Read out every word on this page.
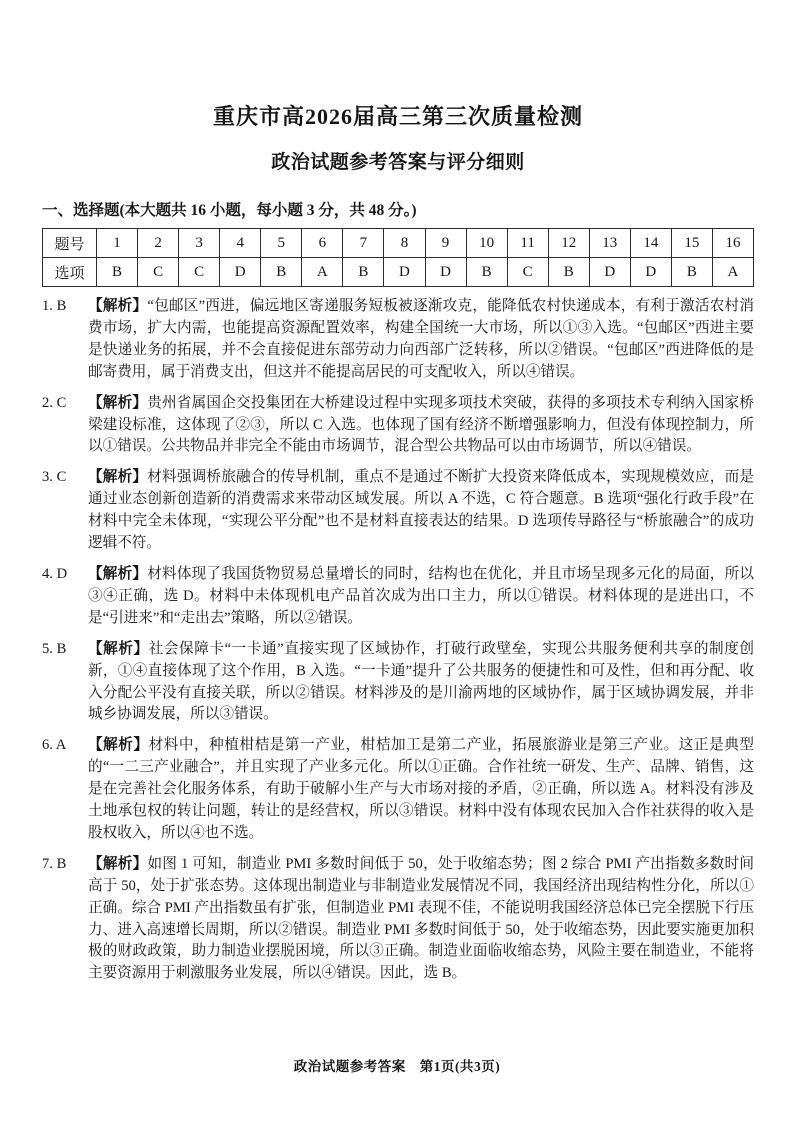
重庆市高2026届高三第三次质量检测
政治试题参考答案与评分细则
一、选择题(本大题共 16 小题，每小题 3 分，共 48 分。)
题号	1	2	3	4	5	6	7	8	9	10	11	12	13	14	15	16
选项	B	C	C	D	B	A	B	D	D	B	C	B	D	D	B	A
1. B	【解析】“包邮区”西进，偏远地区寄递服务短板被逐渐攻克，能降低农村快递成本，有利于激活农村消费市场，扩大内需，也能提高资源配置效率，构建全国统一大市场，所以①③入选。“包邮区”西进主要是快递业务的拓展，并不会直接促进东部劳动力向西部广泛转移，所以②错误。“包邮区”西进降低的是邮寄费用，属于消费支出，但这并不能提高居民的可支配收入，所以④错误。
2. C	【解析】贵州省属国企交投集团在大桥建设过程中实现多项技术突破，获得的多项技术专利纳入国家桥梁建设标准，这体现了②③，所以 C 入选。也体现了国有经济不断增强影响力，但没有体现控制力，所以①错误。公共物品并非完全不能由市场调节，混合型公共物品可以由市场调节，所以④错误。
3. C	【解析】材料强调桥旅融合的传导机制，重点不是通过不断扩大投资来降低成本，实现规模效应，而是通过业态创新创造新的消费需求来带动区域发展。所以 A 不选，C 符合题意。B 选项“强化行政手段”在材料中完全未体现，“实现公平分配”也不是材料直接表达的结果。D 选项传导路径与“桥旅融合”的成功逻辑不符。
4. D	【解析】材料体现了我国货物贸易总量增长的同时，结构也在优化，并且市场呈现多元化的局面，所以③④正确，选 D。材料中未体现机电产品首次成为出口主力，所以①错误。材料体现的是进出口，不是“引进来”和“走出去”策略，所以②错误。
5. B	【解析】社会保障卡“一卡通”直接实现了区域协作，打破行政壁垒，实现公共服务便利共享的制度创新，①④直接体现了这个作用，B 入选。“一卡通”提升了公共服务的便捷性和可及性，但和再分配、收入分配公平没有直接关联，所以②错误。材料涉及的是川渝两地的区域协作，属于区域协调发展，并非城乡协调发展，所以③错误。
6. A	【解析】材料中，种植柑桔是第一产业，柑桔加工是第二产业，拓展旅游业是第三产业。这正是典型的“一二三产业融合”，并且实现了产业多元化。所以①正确。合作社统一研发、生产、品牌、销售，这是在完善社会化服务体系，有助于破解小生产与大市场对接的矛盾，②正确，所以选 A。材料没有涉及土地承包权的转让问题，转让的是经营权，所以③错误。材料中没有体现农民加入合作社获得的收入是股权收入，所以④也不选。
7. B	【解析】如图 1 可知，制造业 PMI 多数时间低于 50，处于收缩态势；图 2 综合 PMI 产出指数多数时间高于 50，处于扩张态势。这体现出制造业与非制造业发展情况不同，我国经济出现结构性分化，所以①正确。综合 PMI 产出指数虽有扩张，但制造业 PMI 表现不佳，不能说明我国经济总体已完全摆脱下行压力、进入高速增长周期，所以②错误。制造业 PMI 多数时间低于 50，处于收缩态势，因此要实施更加积极的财政政策，助力制造业摆脱困境，所以③正确。制造业面临收缩态势，风险主要在制造业，不能将主要资源用于刺激服务业发展，所以④错误。因此，选 B。
政治试题参考答案　第1页(共3页)
